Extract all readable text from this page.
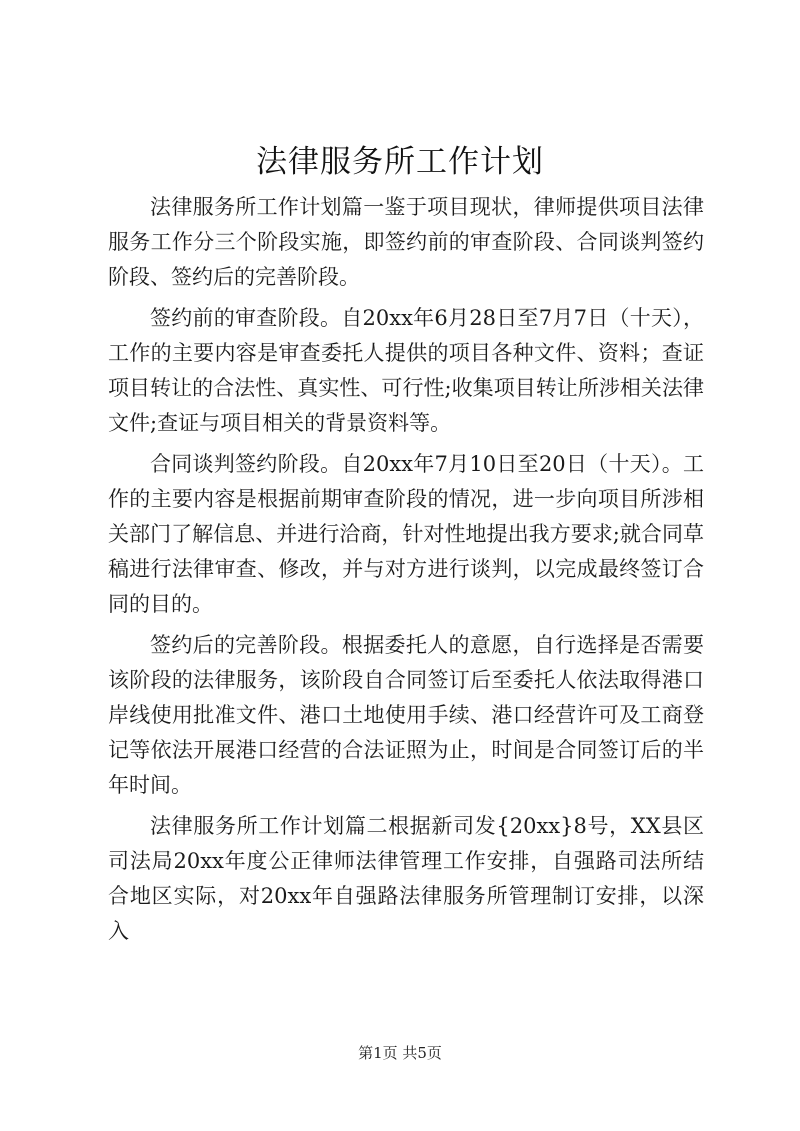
法律服务所工作计划

法律服务所工作计划篇一鉴于项目现状，律师提供项目法律服务工作分三个阶段实施，即签约前的审查阶段、合同谈判签约阶段、签约后的完善阶段。

签约前的审查阶段。自20xx年6月28日至7月7日（十天），工作的主要内容是审查委托人提供的项目各种文件、资料；查证项目转让的合法性、真实性、可行性;收集项目转让所涉相关法律文件;查证与项目相关的背景资料等。

合同谈判签约阶段。自20xx年7月10日至20日（十天）。工作的主要内容是根据前期审查阶段的情况，进一步向项目所涉相关部门了解信息、并进行洽商，针对性地提出我方要求;就合同草稿进行法律审查、修改，并与对方进行谈判，以完成最终签订合同的目的。

签约后的完善阶段。根据委托人的意愿，自行选择是否需要该阶段的法律服务，该阶段自合同签订后至委托人依法取得港口岸线使用批准文件、港口土地使用手续、港口经营许可及工商登记等依法开展港口经营的合法证照为止，时间是合同签订后的半年时间。

法律服务所工作计划篇二根据新司发{20xx}8号，XX县区司法局20xx年度公正律师法律管理工作安排，自强路司法所结合地区实际，对20xx年自强路法律服务所管理制订安排，以深入

第1页 共5页
